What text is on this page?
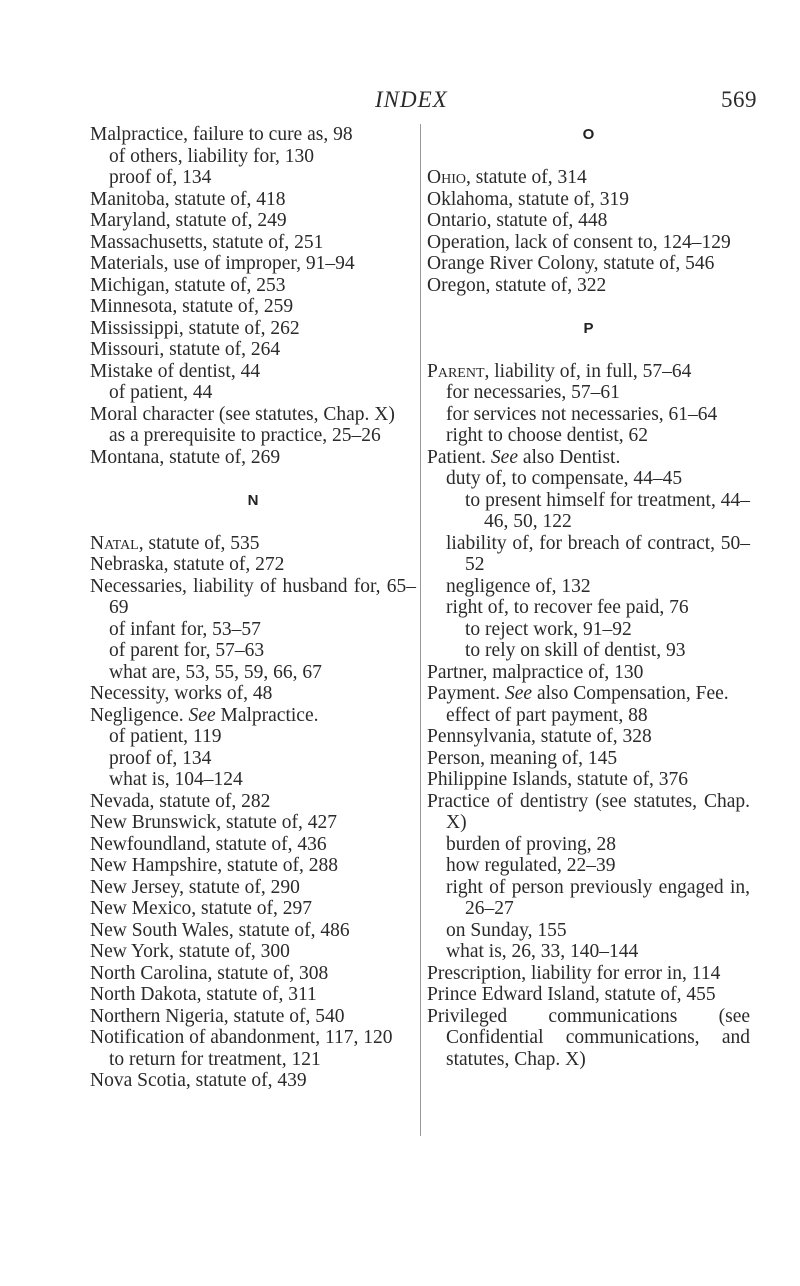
INDEX	569
Malpractice, failure to cure as, 98
of others, liability for, 130
proof of, 134
Manitoba, statute of, 418
Maryland, statute of, 249
Massachusetts, statute of, 251
Materials, use of improper, 91–94
Michigan, statute of, 253
Minnesota, statute of, 259
Mississippi, statute of, 262
Missouri, statute of, 264
Mistake of dentist, 44
of patient, 44
Moral character (see statutes, Chap. X)
as a prerequisite to practice, 25–26
Montana, statute of, 269
N
Natal, statute of, 535
Nebraska, statute of, 272
Necessaries, liability of husband for, 65–69
of infant for, 53–57
of parent for, 57–63
what are, 53, 55, 59, 66, 67
Necessity, works of, 48
Negligence. See Malpractice.
of patient, 119
proof of, 134
what is, 104–124
Nevada, statute of, 282
New Brunswick, statute of, 427
Newfoundland, statute of, 436
New Hampshire, statute of, 288
New Jersey, statute of, 290
New Mexico, statute of, 297
New South Wales, statute of, 486
New York, statute of, 300
North Carolina, statute of, 308
North Dakota, statute of, 311
Northern Nigeria, statute of, 540
Notification of abandonment, 117, 120
to return for treatment, 121
Nova Scotia, statute of, 439
O
Ohio, statute of, 314
Oklahoma, statute of, 319
Ontario, statute of, 448
Operation, lack of consent to, 124–129
Orange River Colony, statute of, 546
Oregon, statute of, 322
P
Parent, liability of, in full, 57–64
for necessaries, 57–61
for services not necessaries, 61–64
right to choose dentist, 62
Patient. See also Dentist.
duty of, to compensate, 44–45
to present himself for treatment, 44–46, 50, 122
liability of, for breach of contract, 50–52
negligence of, 132
right of, to recover fee paid, 76
to reject work, 91–92
to rely on skill of dentist, 93
Partner, malpractice of, 130
Payment. See also Compensation, Fee.
effect of part payment, 88
Pennsylvania, statute of, 328
Person, meaning of, 145
Philippine Islands, statute of, 376
Practice of dentistry (see statutes, Chap. X)
burden of proving, 28
how regulated, 22–39
right of person previously engaged in, 26–27
on Sunday, 155
what is, 26, 33, 140–144
Prescription, liability for error in, 114
Prince Edward Island, statute of, 455
Privileged communications (see Confidential communications, and statutes, Chap. X)
